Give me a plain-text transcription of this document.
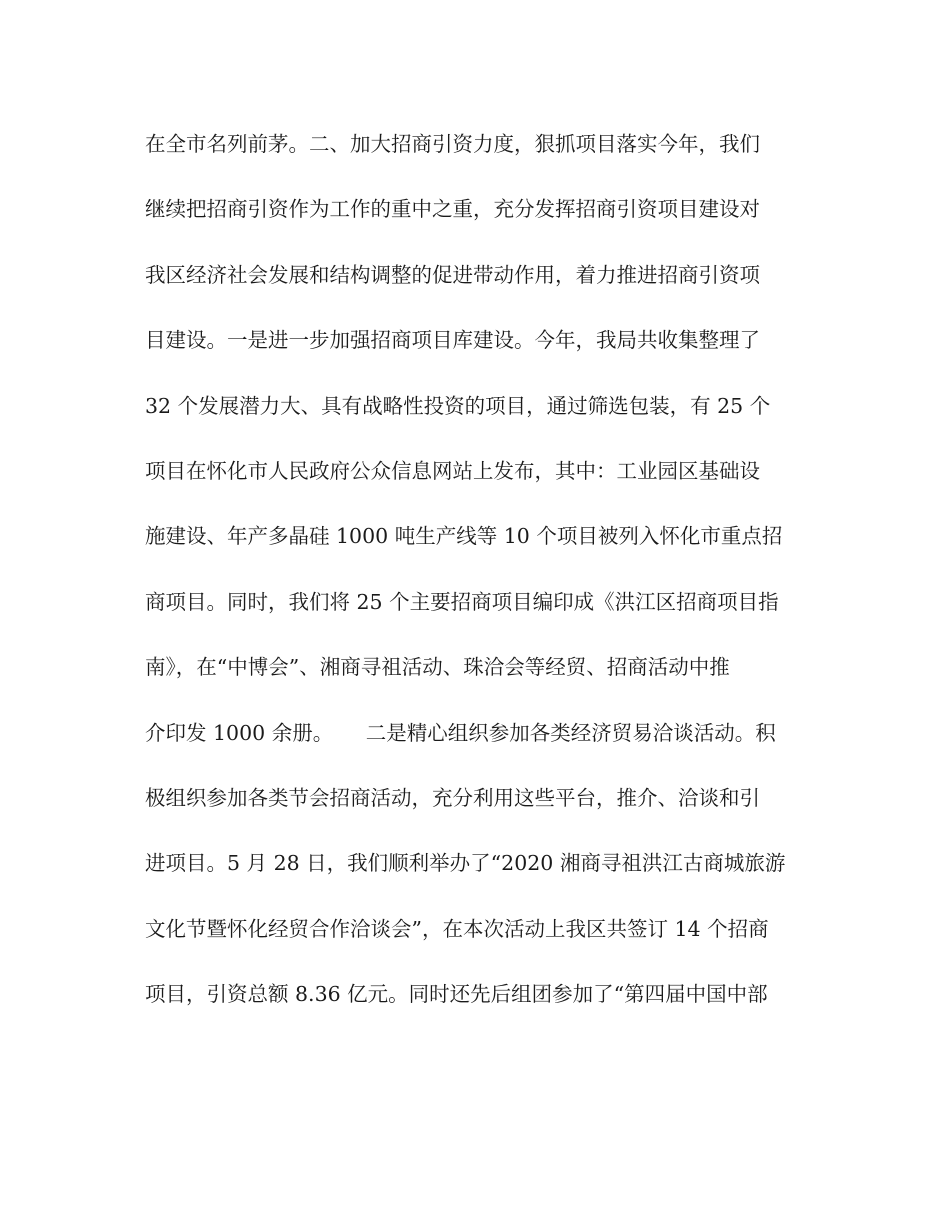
在全市名列前茅。二、加大招商引资力度，狠抓项目落实今年，我们
继续把招商引资作为工作的重中之重，充分发挥招商引资项目建设对
我区经济社会发展和结构调整的促进带动作用，着力推进招商引资项
目建设。一是进一步加强招商项目库建设。今年，我局共收集整理了
32 个发展潜力大、具有战略性投资的项目，通过筛选包装，有 25 个
项目在怀化市人民政府公众信息网站上发布，其中：工业园区基础设
施建设、年产多晶硅 1000 吨生产线等 10 个项目被列入怀化市重点招
商项目。同时，我们将 25 个主要招商项目编印成《洪江区招商项目指
南》，在“中博会”、湘商寻祖活动、珠洽会等经贸、招商活动中推
介印发 1000 余册。     二是精心组织参加各类经济贸易洽谈活动。积
极组织参加各类节会招商活动，充分利用这些平台，推介、洽谈和引
进项目。5 月 28 日，我们顺利举办了“2020 湘商寻祖洪江古商城旅游
文化节暨怀化经贸合作洽谈会”，在本次活动上我区共签订 14 个招商
项目，引资总额 8.36 亿元。同时还先后组团参加了“第四届中国中部
